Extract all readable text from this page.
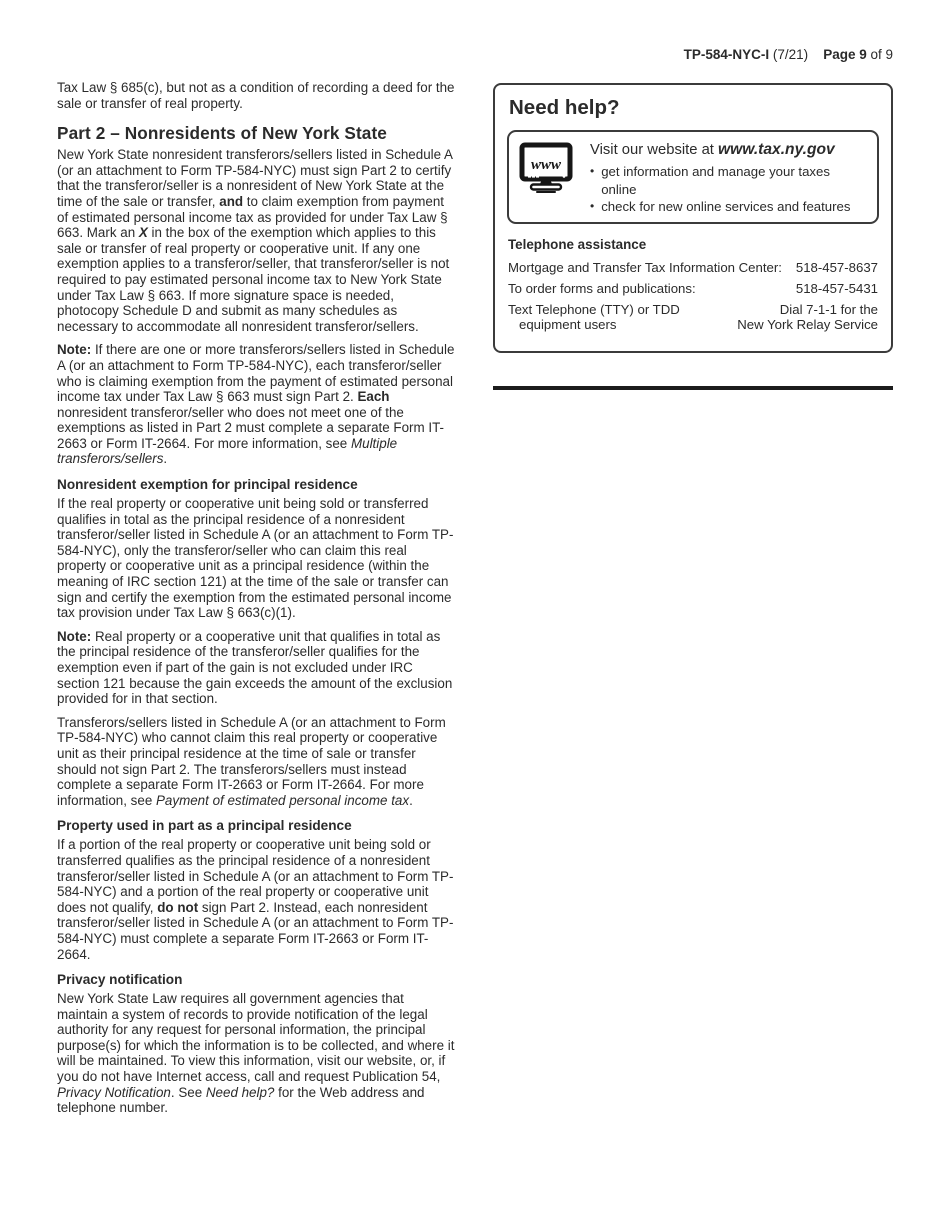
TP-584-NYC-I (7/21) Page 9 of 9

Tax Law § 685(c), but not as a condition of recording a deed for the sale or transfer of real property.

Part 2 – Nonresidents of New York State

New York State nonresident transferors/sellers listed in Schedule A (or an attachment to Form TP-584-NYC) must sign Part 2 to certify that the transferor/seller is a nonresident of New York State at the time of the sale or transfer, and to claim exemption from payment of estimated personal income tax as provided for under Tax Law § 663. Mark an X in the box of the exemption which applies to this sale or transfer of real property or cooperative unit. If any one exemption applies to a transferor/seller, that transferor/seller is not required to pay estimated personal income tax to New York State under Tax Law § 663. If more signature space is needed, photocopy Schedule D and submit as many schedules as necessary to accommodate all nonresident transferor/sellers.

Note: If there are one or more transferors/sellers listed in Schedule A (or an attachment to Form TP-584-NYC), each transferor/seller who is claiming exemption from the payment of estimated personal income tax under Tax Law § 663 must sign Part 2. Each nonresident transferor/seller who does not meet one of the exemptions as listed in Part 2 must complete a separate Form IT-2663 or Form IT-2664. For more information, see Multiple transferors/sellers.

Nonresident exemption for principal residence

If the real property or cooperative unit being sold or transferred qualifies in total as the principal residence of a nonresident transferor/seller listed in Schedule A (or an attachment to Form TP-584-NYC), only the transferor/seller who can claim this real property or cooperative unit as a principal residence (within the meaning of IRC section 121) at the time of the sale or transfer can sign and certify the exemption from the estimated personal income tax provision under Tax Law § 663(c)(1).

Note: Real property or a cooperative unit that qualifies in total as the principal residence of the transferor/seller qualifies for the exemption even if part of the gain is not excluded under IRC section 121 because the gain exceeds the amount of the exclusion provided for in that section.

Transferors/sellers listed in Schedule A (or an attachment to Form TP-584-NYC) who cannot claim this real property or cooperative unit as their principal residence at the time of sale or transfer should not sign Part 2. The transferors/sellers must instead complete a separate Form IT-2663 or Form IT-2664. For more information, see Payment of estimated personal income tax.

Property used in part as a principal residence

If a portion of the real property or cooperative unit being sold or transferred qualifies as the principal residence of a nonresident transferor/seller listed in Schedule A (or an attachment to Form TP-584-NYC) and a portion of the real property or cooperative unit does not qualify, do not sign Part 2. Instead, each nonresident transferor/seller listed in Schedule A (or an attachment to Form TP-584-NYC) must complete a separate Form IT-2663 or Form IT-2664.

Privacy notification

New York State Law requires all government agencies that maintain a system of records to provide notification of the legal authority for any request for personal information, the principal purpose(s) for which the information is to be collected, and where it will be maintained. To view this information, visit our website, or, if you do not have Internet access, call and request Publication 54, Privacy Notification. See Need help? for the Web address and telephone number.

Need help?
www
Visit our website at www.tax.ny.gov
• get information and manage your taxes online
• check for new online services and features
Telephone assistance
Mortgage and Transfer Tax Information Center: 518-457-8637
To order forms and publications:	518-457-5431
Text Telephone (TTY) or TDD
equipment users
Dial 7-1-1 for the
New York Relay Service
